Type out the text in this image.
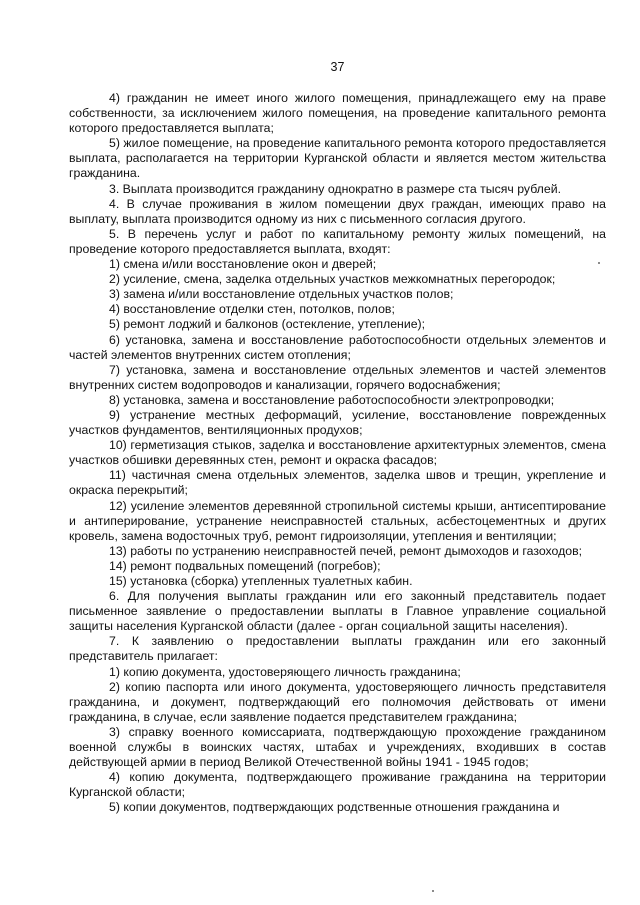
37

4) гражданин не имеет иного жилого помещения, принадлежащего ему на праве собственности, за исключением жилого помещения, на проведение капитального ремонта которого предоставляется выплата;

5) жилое помещение, на проведение капитального ремонта которого предоставляется выплата, располагается на территории Курганской области и является местом жительства гражданина.

3. Выплата производится гражданину однократно в размере ста тысяч рублей.

4. В случае проживания в жилом помещении двух граждан, имеющих право на выплату, выплата производится одному из них с письменного согласия другого.

5. В перечень услуг и работ по капитальному ремонту жилых помещений, на проведение которого предоставляется выплата, входят:

1) смена и/или восстановление окон и дверей;

2) усиление, смена, заделка отдельных участков межкомнатных перегородок;

3) замена и/или восстановление отдельных участков полов;

4) восстановление отделки стен, потолков, полов;

5) ремонт лоджий и балконов (остекление, утепление);

6) установка, замена и восстановление работоспособности отдельных элементов и частей элементов внутренних систем отопления;

7) установка, замена и восстановление отдельных элементов и частей элементов внутренних систем водопроводов и канализации, горячего водоснабжения;

8) установка, замена и восстановление работоспособности электропроводки;

9) устранение местных деформаций, усиление, восстановление поврежденных участков фундаментов, вентиляционных продухов;

10) герметизация стыков, заделка и восстановление архитектурных элементов, смена участков обшивки деревянных стен, ремонт и окраска фасадов;

11) частичная смена отдельных элементов, заделка швов и трещин, укрепление и окраска перекрытий;

12) усиление элементов деревянной стропильной системы крыши, антисептирование и антиперирование, устранение неисправностей стальных, асбестоцементных и других кровель, замена водосточных труб, ремонт гидроизоляции, утепления и вентиляции;

13) работы по устранению неисправностей печей, ремонт дымоходов и газоходов;

14) ремонт подвальных помещений (погребов);

15) установка (сборка) утепленных туалетных кабин.

6. Для получения выплаты гражданин или его законный представитель подает письменное заявление о предоставлении выплаты в Главное управление социальной защиты населения Курганской области (далее - орган социальной защиты населения).

7. К заявлению о предоставлении выплаты гражданин или его законный представитель прилагает:

1) копию документа, удостоверяющего личность гражданина;

2) копию паспорта или иного документа, удостоверяющего личность представителя гражданина, и документ, подтверждающий его полномочия действовать от имени гражданина, в случае, если заявление подается представителем гражданина;

3) справку военного комиссариата, подтверждающую прохождение гражданином военной службы в воинских частях, штабах и учреждениях, входивших в состав действующей армии в период Великой Отечественной войны 1941 - 1945 годов;

4) копию документа, подтверждающего проживание гражданина на территории Курганской области;

5) копии документов, подтверждающих родственные отношения гражданина и
